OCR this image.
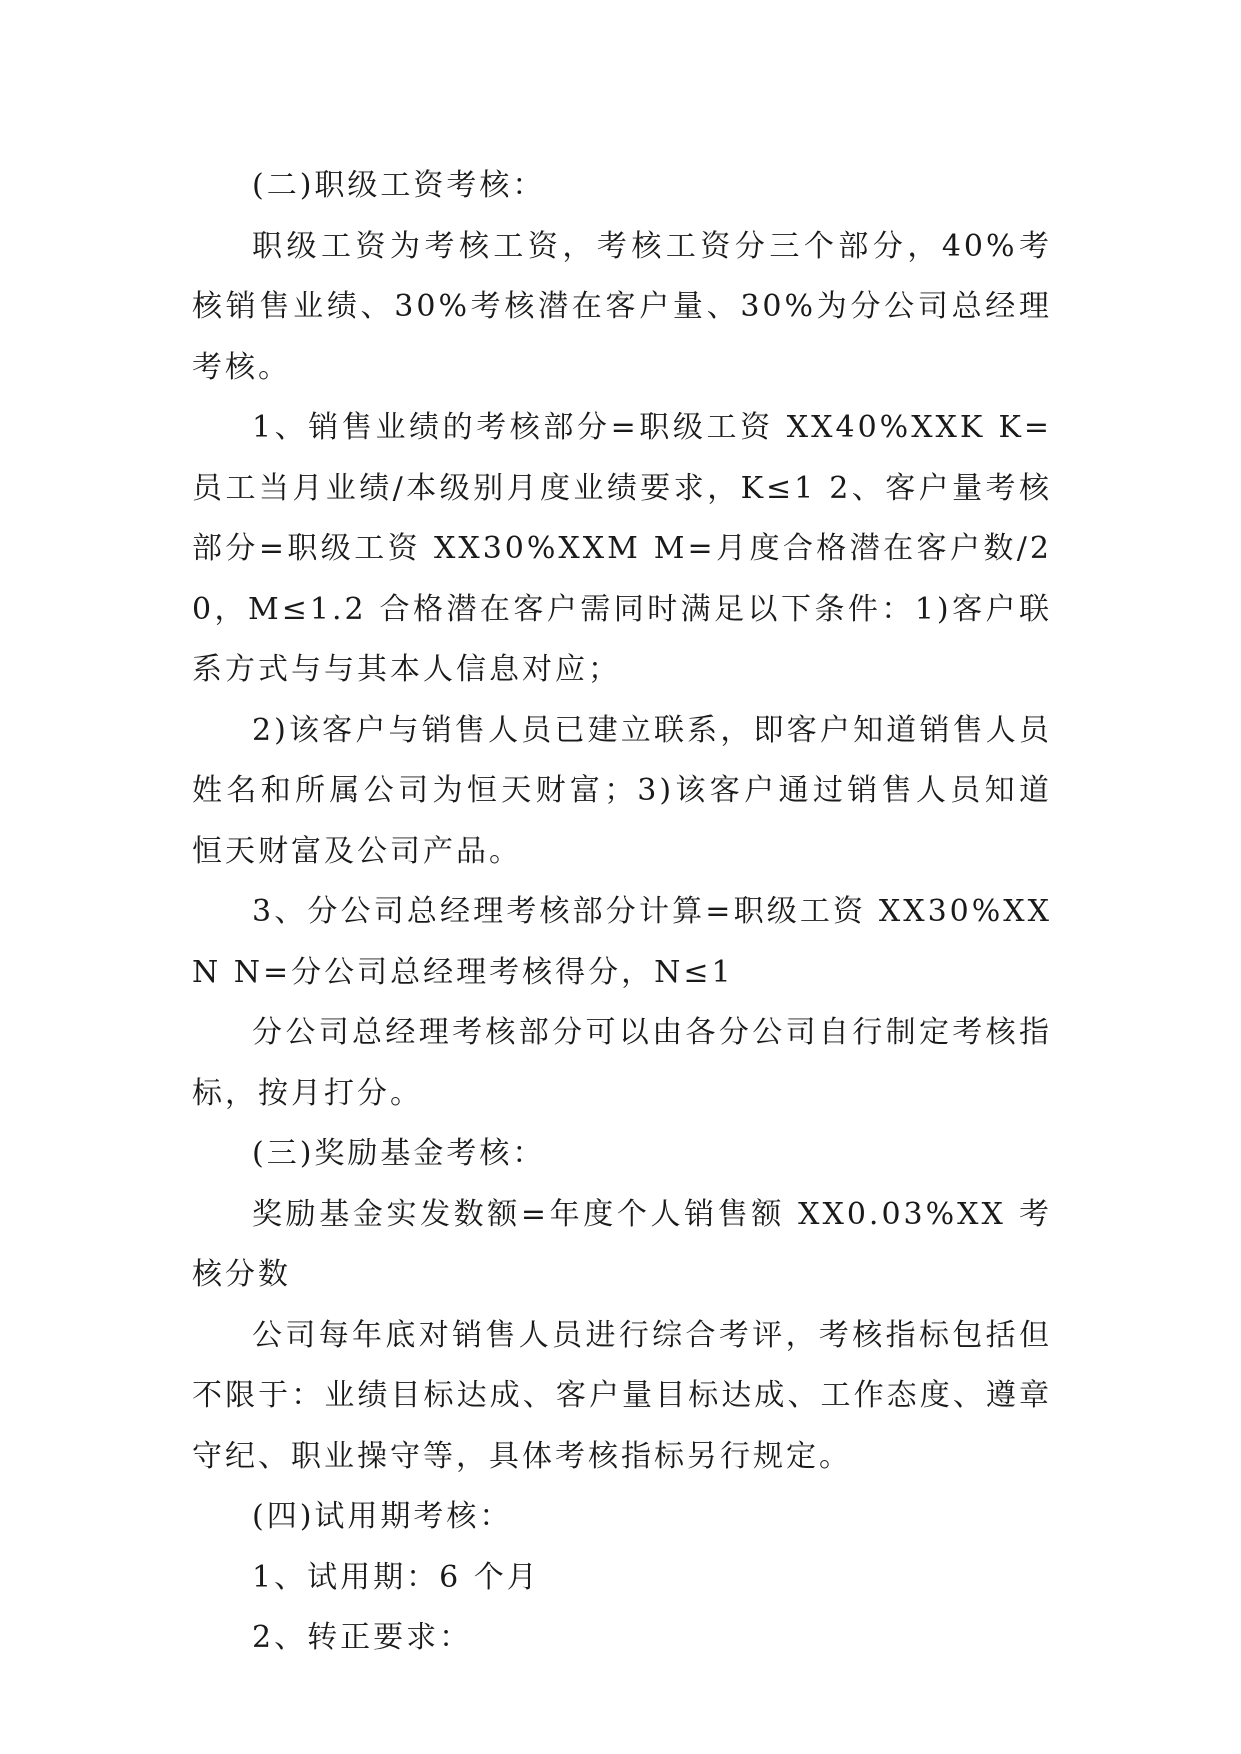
(二)职级工资考核：

职级工资为考核工资，考核工资分三个部分，40%考核销售业绩、30%考核潜在客户量、30%为分公司总经理考核。

1、销售业绩的考核部分=职级工资 XX40%XXK K=员工当月业绩/本级别月度业绩要求，K≤1 2、客户量考核部分=职级工资 XX30%XXM M=月度合格潜在客户数/20，M≤1.2 合格潜在客户需同时满足以下条件：1)客户联系方式与与其本人信息对应；

2)该客户与销售人员已建立联系，即客户知道销售人员姓名和所属公司为恒天财富；3)该客户通过销售人员知道恒天财富及公司产品。

3、分公司总经理考核部分计算=职级工资 XX30%XXN N=分公司总经理考核得分，N≤1

分公司总经理考核部分可以由各分公司自行制定考核指标，按月打分。

(三)奖励基金考核：

奖励基金实发数额=年度个人销售额 XX0.03%XX 考核分数

公司每年底对销售人员进行综合考评，考核指标包括但不限于：业绩目标达成、客户量目标达成、工作态度、遵章守纪、职业操守等，具体考核指标另行规定。

(四)试用期考核：

1、试用期：6 个月

2、转正要求：
